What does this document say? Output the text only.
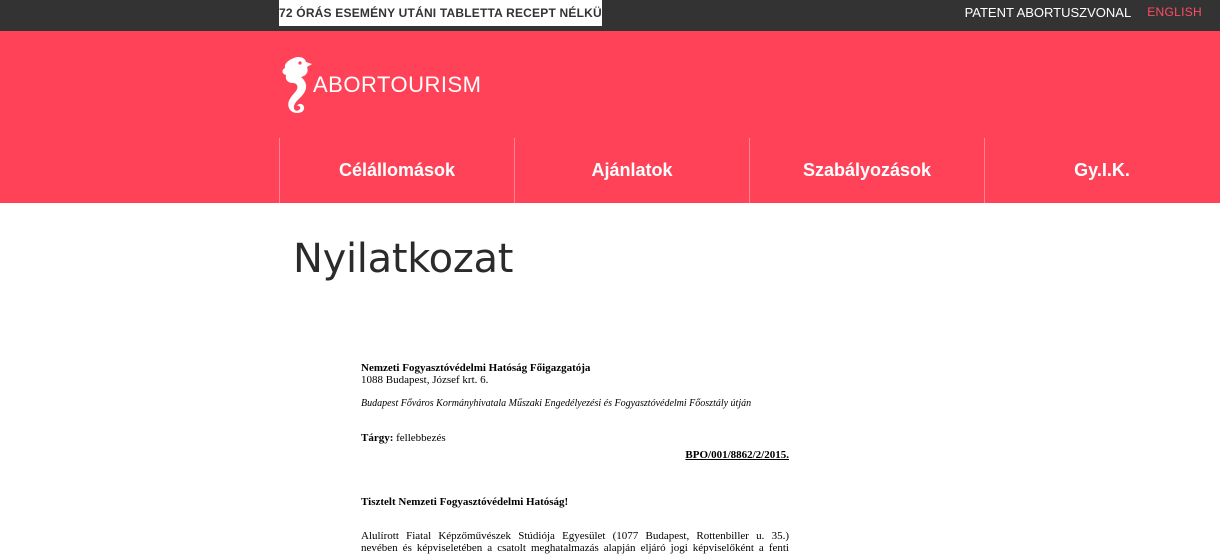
72 ÓRÁS ESEMÉNY UTÁNI TABLETTA RECEPT NÉLKÜL	PATENT ABORTUSZVONAL ENGLISH
ABORTOURISM
Célállomások	Ajánlatok	Szabályozások	Gy.I.K.
Nyilatkozat
Nemzeti Fogyasztóvédelmi Hatóság Főigazgatója
1088 Budapest, József krt. 6.
Budapest Főváros Kormányhivatala Műszaki Engedélyezési és Fogyasztóvédelmi Főosztály útján
Tárgy: fellebbezés
BPO/001/8862/2/2015.
Tisztelt Nemzeti Fogyasztóvédelmi Hatóság!
Alulírott Fiatal Képzőművészek Stúdiója Egyesület (1077 Budapest, Rottenbiller u. 35.)
nevében és képviseletében a csatolt meghatalmazás alapján eljáró jogi képviselőként a fenti
